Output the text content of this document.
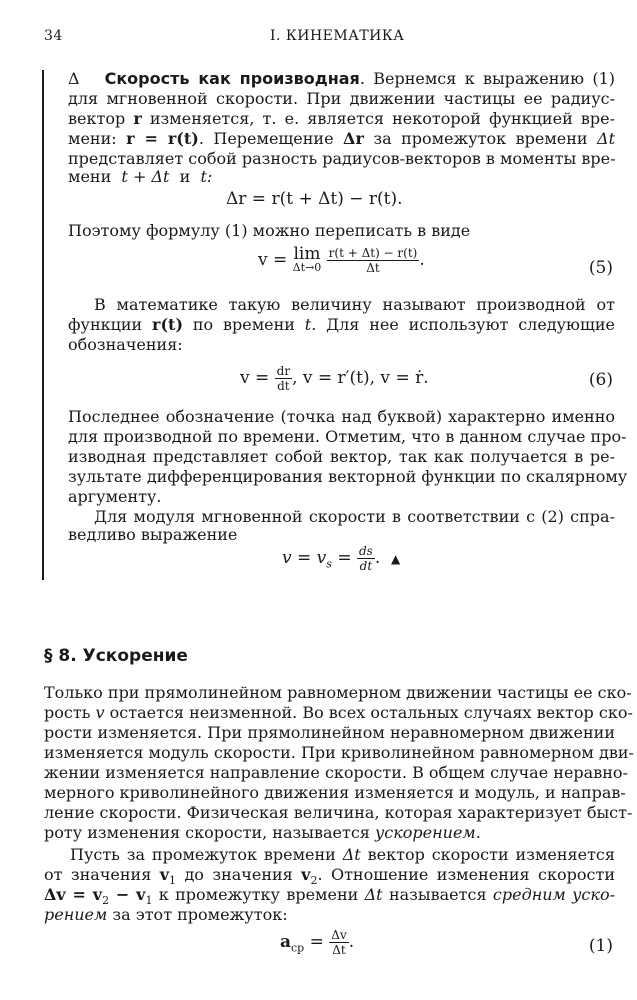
34	I. КИНЕМАТИКА
Δ Скорость как производная. Вернемся к выражению (1)
для мгновенной скорости. При движении частицы ее радиус-
вектор r изменяется, т. е. является некоторой функцией вре-
мени: r = r(t). Перемещение Δr за промежуток времени Δt
представляет собой разность радиусов-векторов в моменты вре-
мени t + Δt и t:
Δr = r(t + Δt) − r(t).
Поэтому формулу (1) можно переписать в виде
v = lim
Δt→0
$\frac{r(t + \Delta t) - r(t)}{\Delta t}$ .	(5)
В математике такую величину называют производной от
функции r(t) по времени t. Для нее используют следующие
обозначения:
$v = \frac{dr}{dt}$ , v = r′(t), v = ṙ.	(6)
Последнее обозначение (точка над буквой) характерно именно
для производной по времени. Отметим, что в данном случае про-
изводная представляет собой вектор, так как получается в ре-
зультате дифференцирования векторной функции по скалярному
аргументу.
Для модуля мгновенной скорости в соответствии с (2) спра-
ведливо выражение
$v = v_s = \frac{ds}{dt}$ . ▲
§ 8. Ускорение
Только при прямолинейном равномерном движении частицы ее ско-
рость v остается неизменной. Во всех остальных случаях вектор ско-
рости изменяется. При прямолинейном неравномерном движении
изменяется модуль скорости. При криволинейном равномерном дви-
жении изменяется направление скорости. В общем случае неравно-
мерного криволинейного движения изменяется и модуль, и направ-
ление скорости. Физическая величина, которая характеризует быст-
роту изменения скорости, называется ускорением.
Пусть за промежуток времени Δt вектор скорости изменяется
от значения $v_1$ до значения $v_2$. Отношение изменения скорости
$\Delta v = v_2 - v_1$ к промежутку времени Δt называется средним уско-
рением за этот промежуток:
$a_{ср} = \frac{\Delta v}{\Delta t}$ .	(1)
